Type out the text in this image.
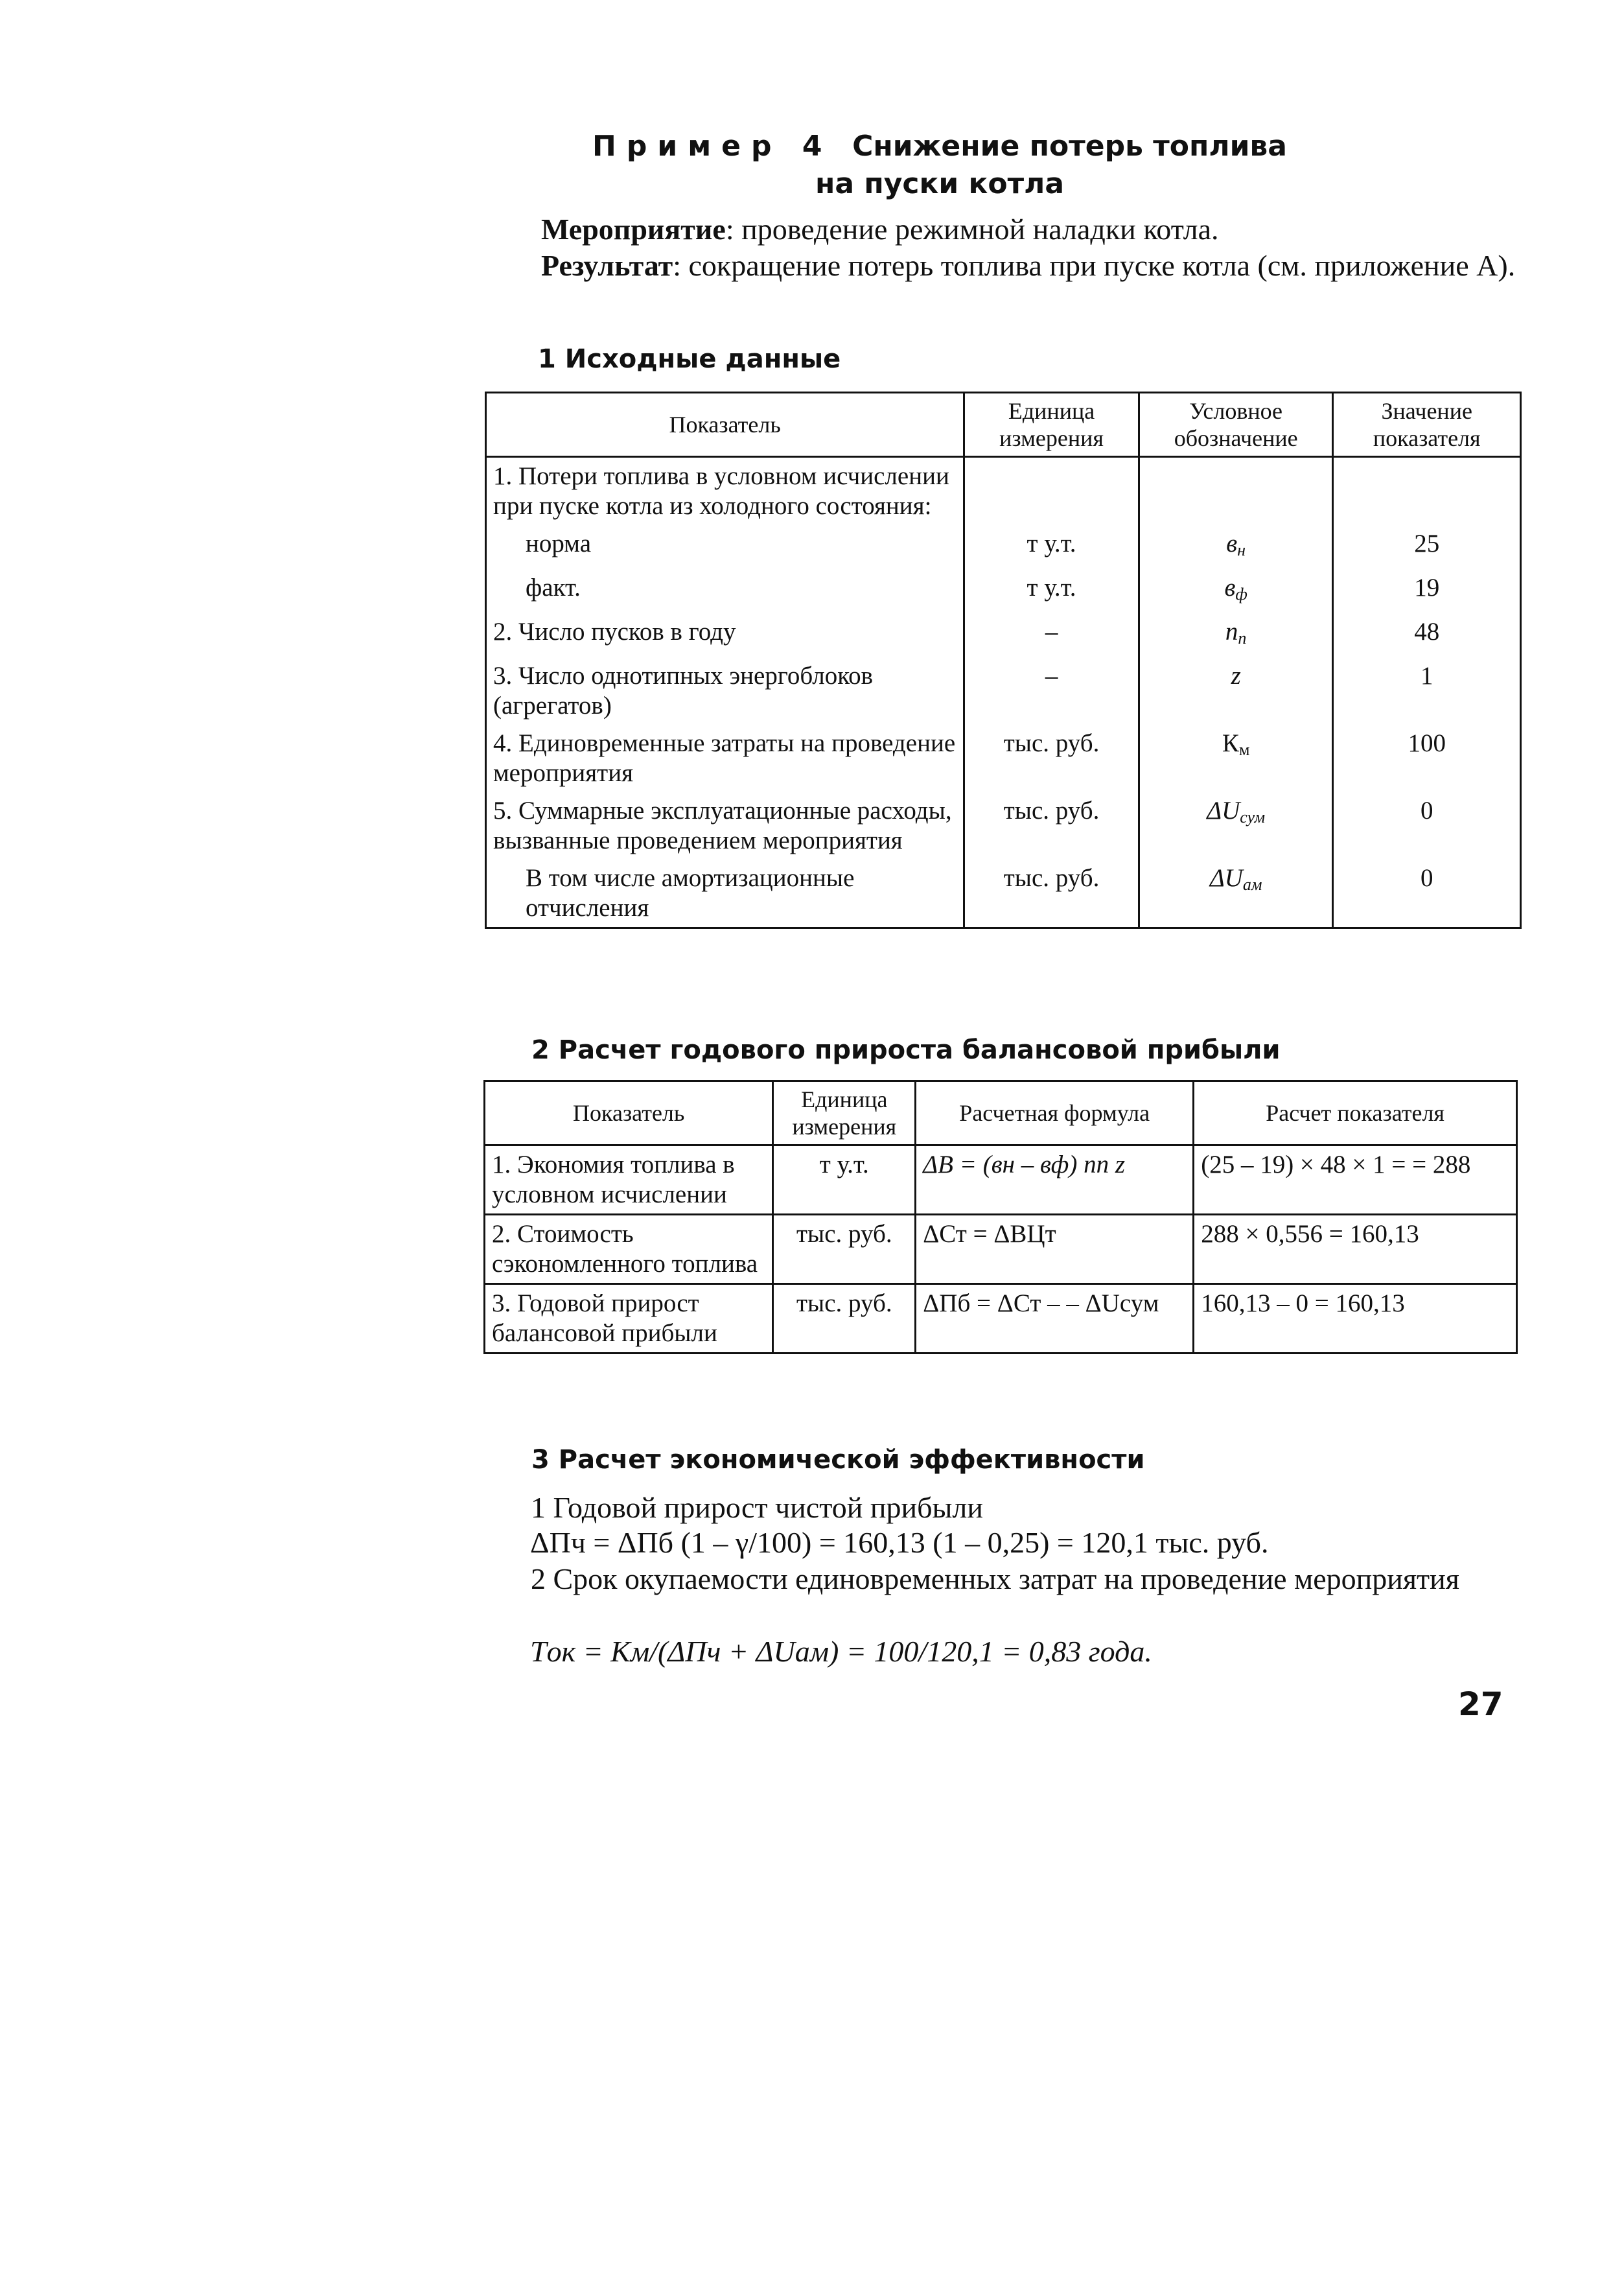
Пример 4 Снижение потерь топлива
на пуски котла
Мероприятие: проведение режимной наладки котла.
Результат: сокращение потерь топлива при пуске котла (см. приложение А).
1 Исходные данные
Показатель	Единица измерения	Условное обозначение	Значение показателя
1. Потери топлива в условном исчислении при пуске котла из холодного состояния:			
норма	т у.т.	$в_н$	25
факт.	т у.т.	$в_ф$	19
2. Число пусков в году	–	$n_п$	48
3. Число однотипных энергоблоков (агрегатов)	–	z	1
4. Единовременные затраты на проведение мероприятия	тыс. руб.	$К_м$	100
5. Суммарные эксплуатационные расходы, вызванные проведением мероприятия	тыс. руб.	$\Delta U_{сум}$	0
В том числе амортизационные отчисления	тыс. руб.	$\Delta U_{ам}$	0
2 Расчет годового прироста балансовой прибыли
Показатель	Единица измерения	Расчетная формула	Расчет показателя
1. Экономия топлива в условном исчислении	т у.т.	ΔB = (вн – вф) nп z	(25 – 19) × 48 × 1 = = 288
2. Стоимость сэкономленного топлива	тыс. руб.	ΔСт = ΔBЦт	288 × 0,556 = 160,13
3. Годовой прирост балансовой прибыли	тыс. руб.	ΔПб = ΔСт – – ΔUсум	160,13 – 0 = 160,13
3 Расчет экономической эффективности
1 Годовой прирост чистой прибыли
ΔПч = ΔПб (1 – γ/100) = 160,13 (1 – 0,25) = 120,1 тыс. руб.
2 Срок окупаемости единовременных затрат на проведение мероприятия
Tок = Kм/(ΔПч + ΔUам) = 100/120,1 = 0,83 года.
27
